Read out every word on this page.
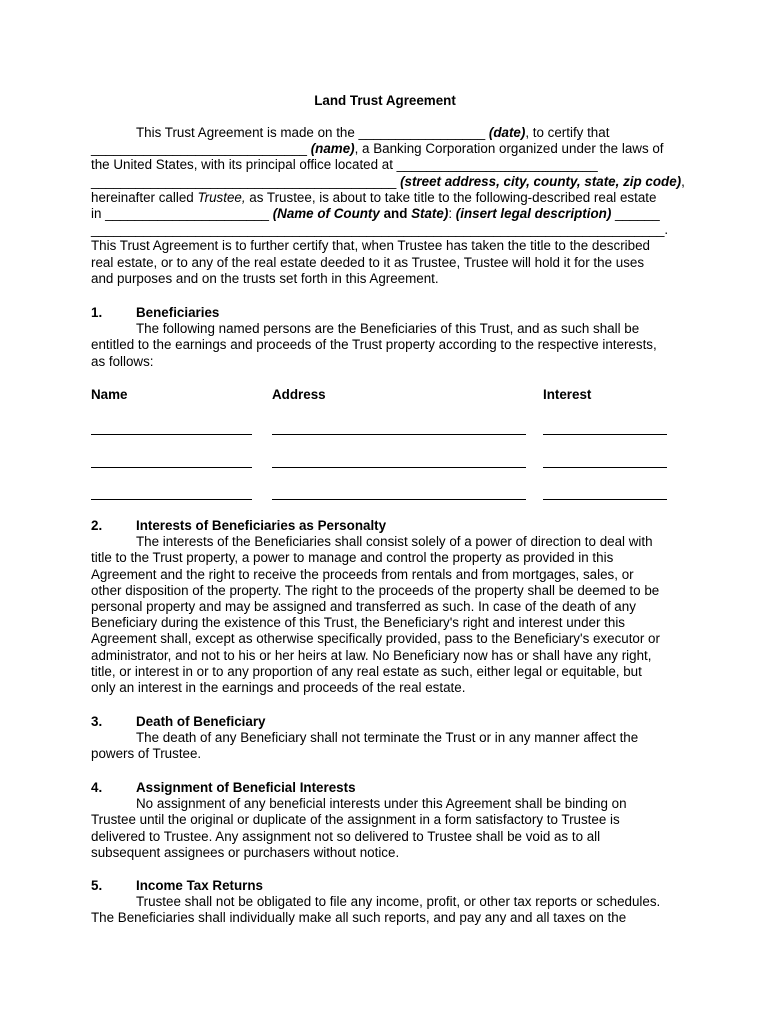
Land Trust Agreement
This Trust Agreement is made on the _________________ (date), to certify that
_____________________________ (name), a Banking Corporation organized under the laws of
the United States, with its principal office located at ___________________________
_________________________________________ (street address, city, county, state, zip code),
hereinafter called Trustee, as Trustee, is about to take title to the following-described real estate
in ______________________ (Name of County and State): (insert legal description) ______
_____________________________________________________________________________.
This Trust Agreement is to further certify that, when Trustee has taken the title to the described
real estate, or to any of the real estate deeded to it as Trustee, Trustee will hold it for the uses
and purposes and on the trusts set forth in this Agreement.
1.	Beneficiaries
The following named persons are the Beneficiaries of this Trust, and as such shall be
entitled to the earnings and proceeds of the Trust property according to the respective interests,
as follows:
Name	Address	Interest
2.	Interests of Beneficiaries as Personalty
The interests of the Beneficiaries shall consist solely of a power of direction to deal with
title to the Trust property, a power to manage and control the property as provided in this
Agreement and the right to receive the proceeds from rentals and from mortgages, sales, or
other disposition of the property. The right to the proceeds of the property shall be deemed to be
personal property and may be assigned and transferred as such. In case of the death of any
Beneficiary during the existence of this Trust, the Beneficiary's right and interest under this
Agreement shall, except as otherwise specifically provided, pass to the Beneficiary's executor or
administrator, and not to his or her heirs at law. No Beneficiary now has or shall have any right,
title, or interest in or to any proportion of any real estate as such, either legal or equitable, but
only an interest in the earnings and proceeds of the real estate.
3.	Death of Beneficiary
The death of any Beneficiary shall not terminate the Trust or in any manner affect the
powers of Trustee.
4.	Assignment of Beneficial Interests
No assignment of any beneficial interests under this Agreement shall be binding on
Trustee until the original or duplicate of the assignment in a form satisfactory to Trustee is
delivered to Trustee. Any assignment not so delivered to Trustee shall be void as to all
subsequent assignees or purchasers without notice.
5.	Income Tax Returns
Trustee shall not be obligated to file any income, profit, or other tax reports or schedules.
The Beneficiaries shall individually make all such reports, and pay any and all taxes on the
